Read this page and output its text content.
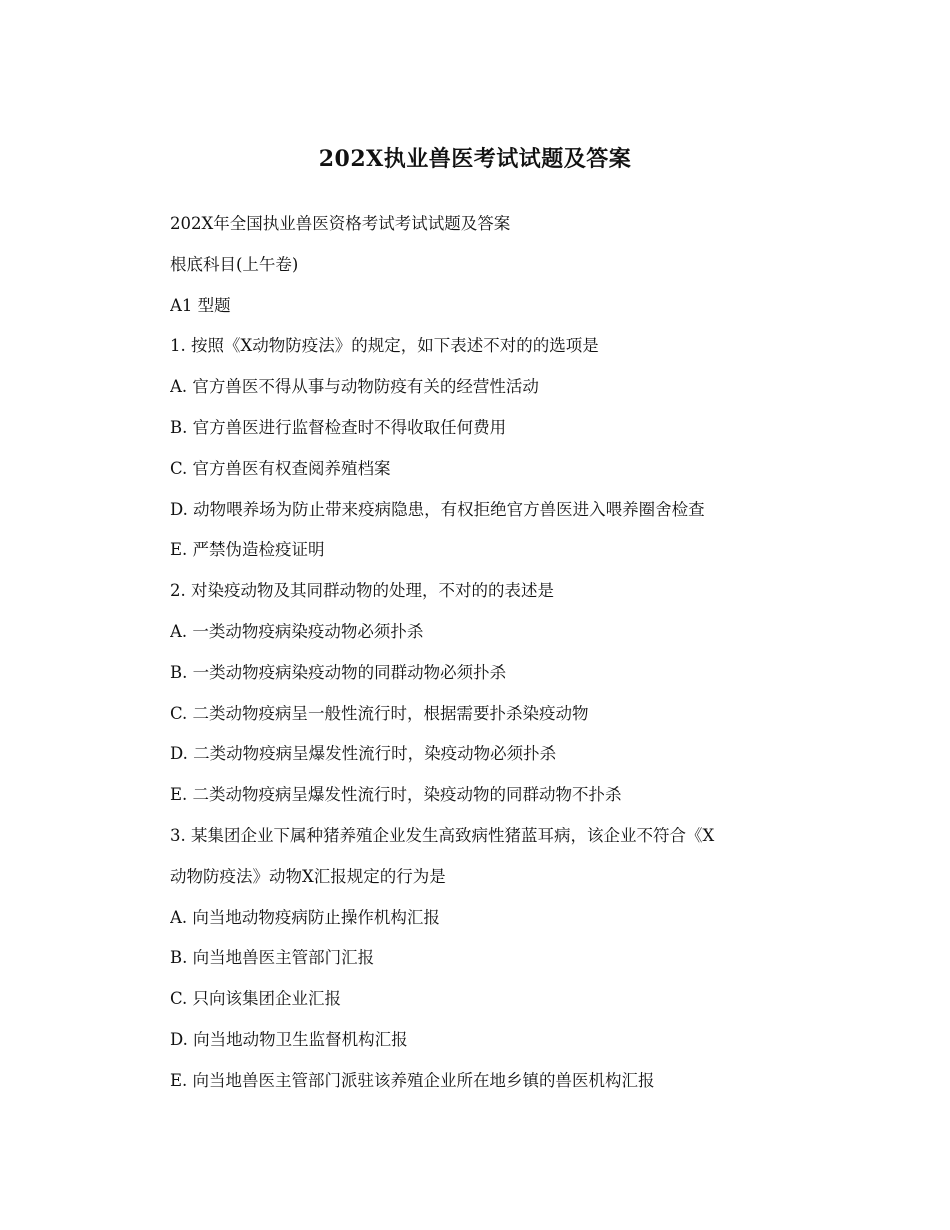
202X执业兽医考试试题及答案
202X年全国执业兽医资格考试考试试题及答案
根底科目(上午卷)
A1 型题
1. 按照《X动物防疫法》的规定，如下表述不对的的选项是
A. 官方兽医不得从事与动物防疫有关的经营性活动
B. 官方兽医进行监督检查时不得收取任何费用
C. 官方兽医有权查阅养殖档案
D. 动物喂养场为防止带来疫病隐患，有权拒绝官方兽医进入喂养圈舍检查
E. 严禁伪造检疫证明
2. 对染疫动物及其同群动物的处理，不对的的表述是
A. 一类动物疫病染疫动物必须扑杀
B. 一类动物疫病染疫动物的同群动物必须扑杀
C. 二类动物疫病呈一般性流行时，根据需要扑杀染疫动物
D. 二类动物疫病呈爆发性流行时，染疫动物必须扑杀
E. 二类动物疫病呈爆发性流行时，染疫动物的同群动物不扑杀
3. 某集团企业下属种猪养殖企业发生高致病性猪蓝耳病，该企业不符合《X
动物防疫法》动物X汇报规定的行为是
A. 向当地动物疫病防止操作机构汇报
B. 向当地兽医主管部门汇报
C. 只向该集团企业汇报
D. 向当地动物卫生监督机构汇报
E. 向当地兽医主管部门派驻该养殖企业所在地乡镇的兽医机构汇报
